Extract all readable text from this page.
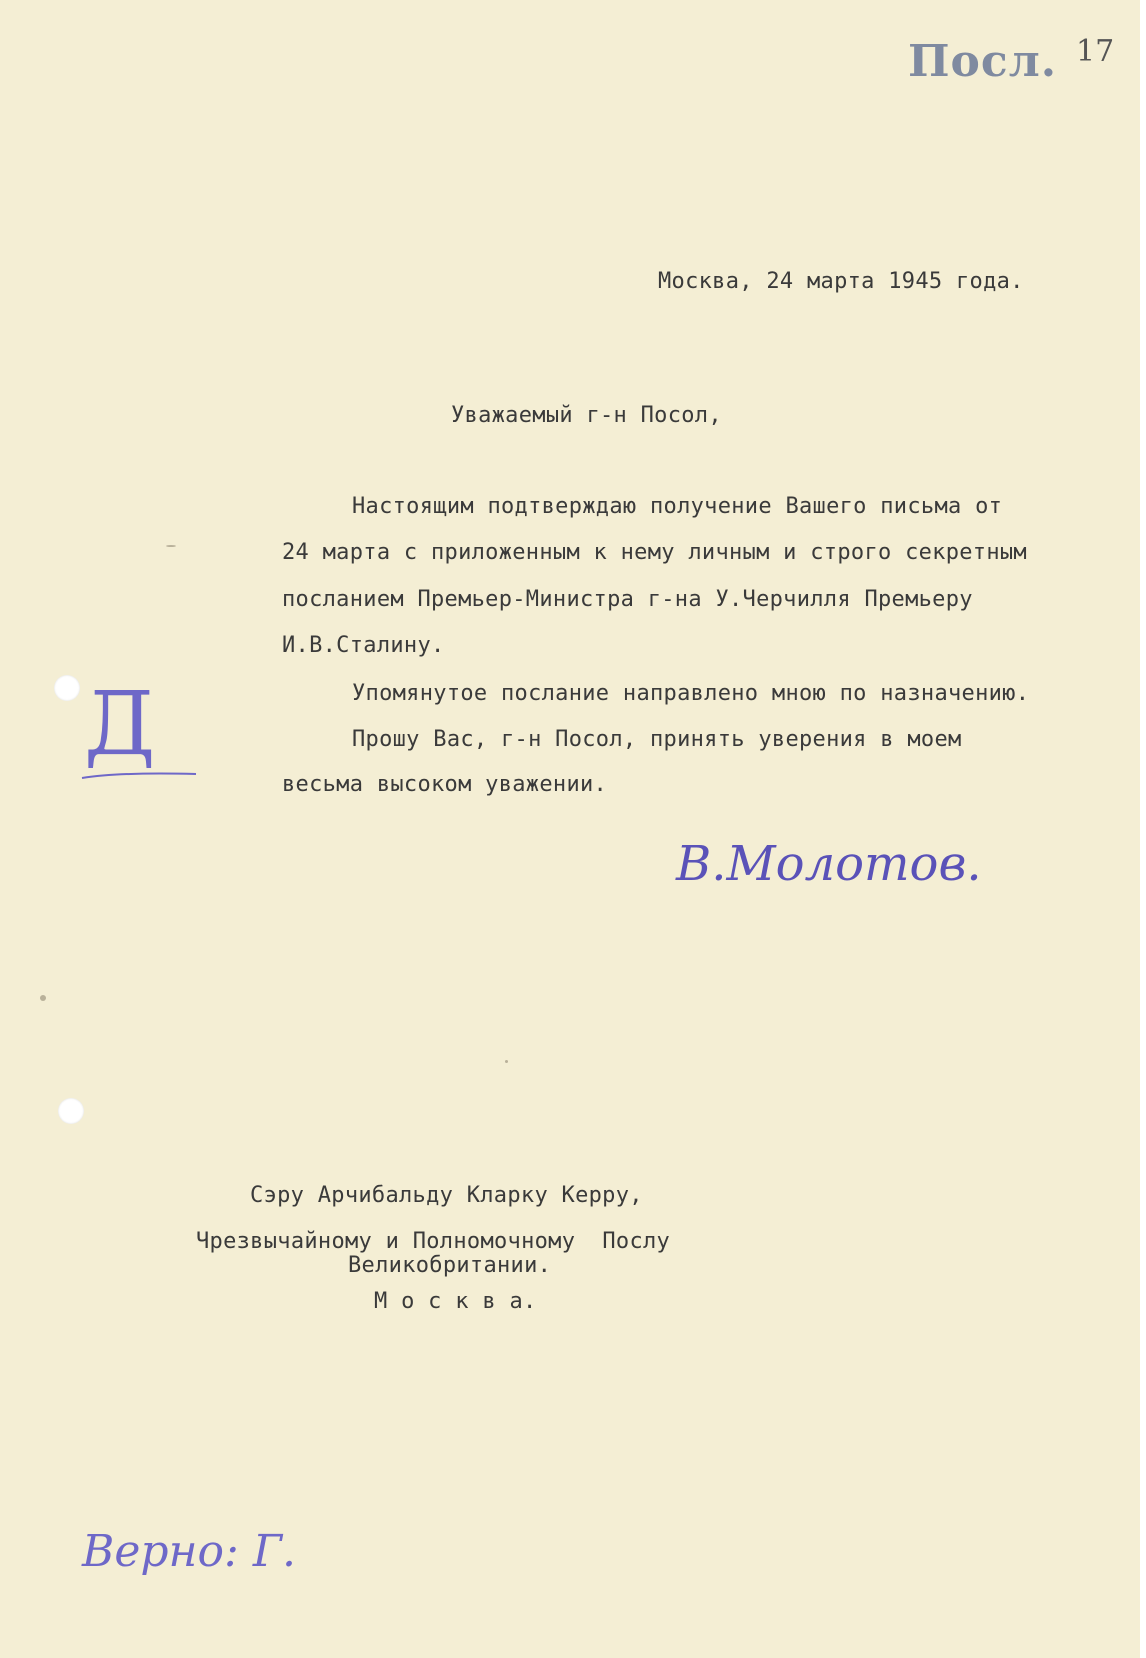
Посл. 17
Д
Москва, 24 марта 1945 года.
Уважаемый г-н Посол,
Настоящим подтверждаю получение Вашего письма от
24 марта с приложенным к нему личным и строго секретным
посланием Премьер-Министра г-на У.Черчилля Премьеру
И.В.Сталину.
Упомянутое послание направлено мною по назначению.
Прошу Вас, г-н Посол, принять уверения в моем
весьма высоком уважении.
В.Молотов.
Сэру Арчибальду Кларку Керру,
Чрезвычайному и Полномочному  Послу
Великобритании.
М о с к в а.
Верно: Г.
